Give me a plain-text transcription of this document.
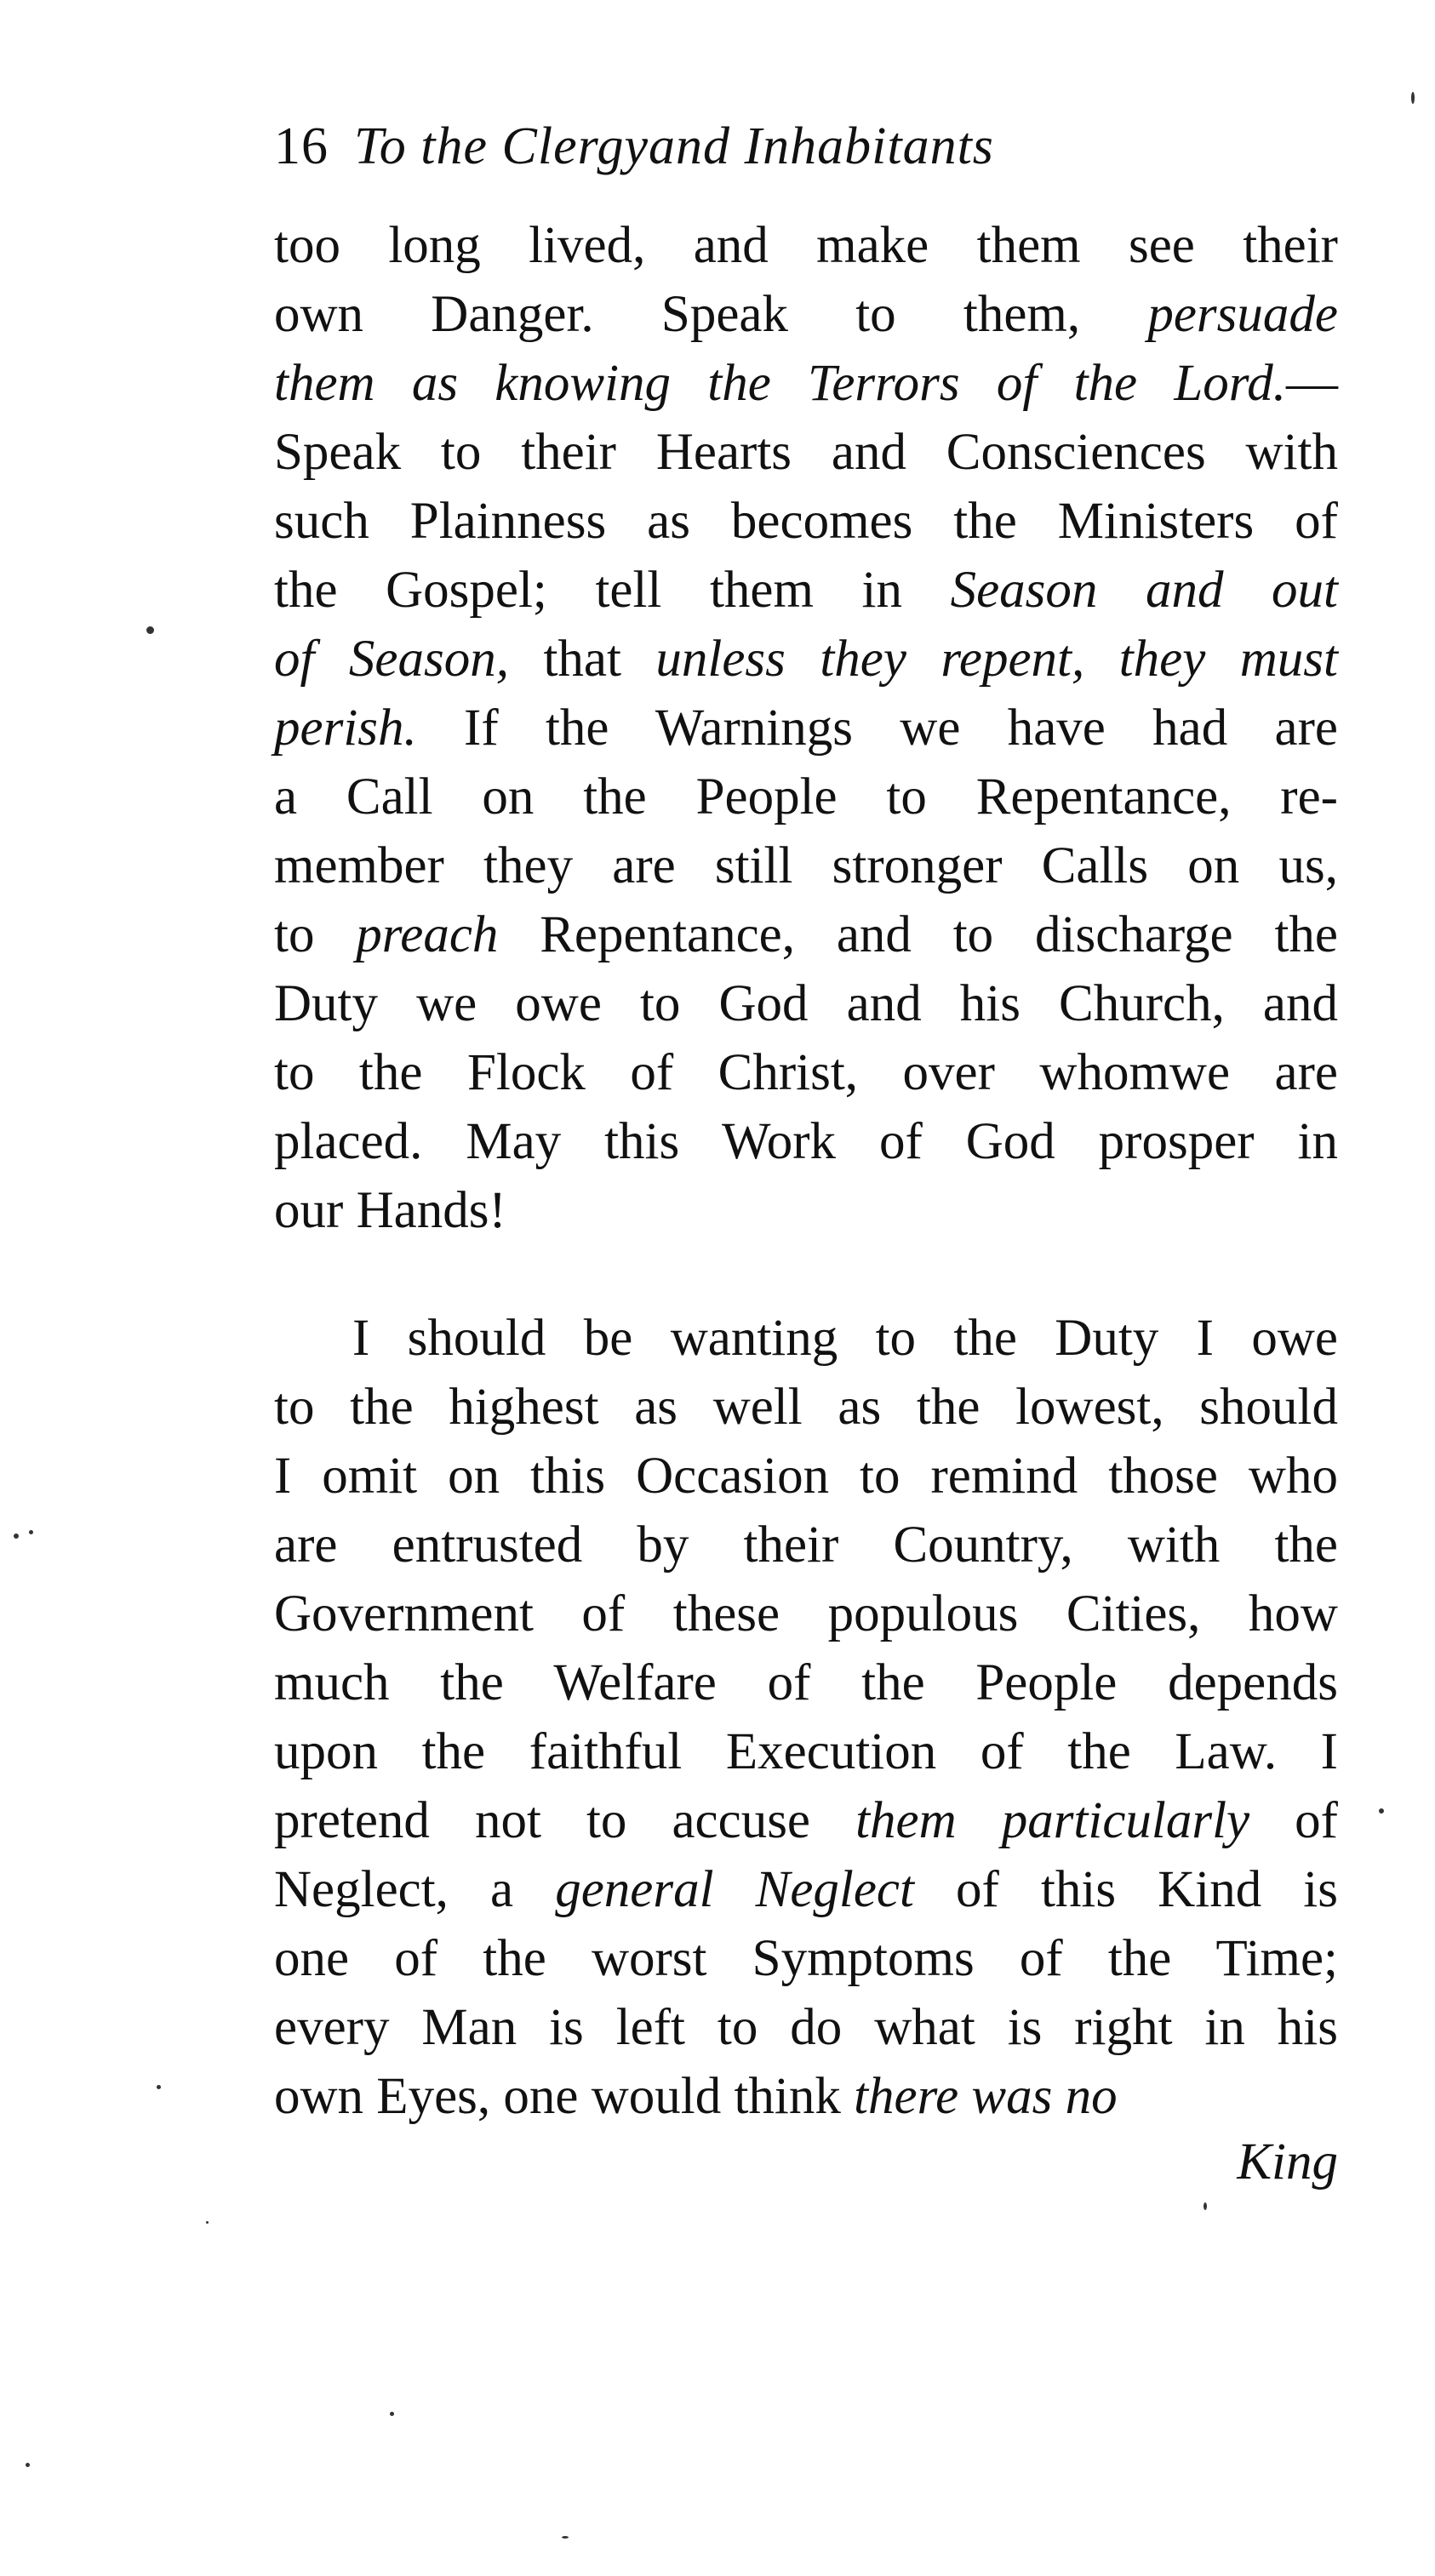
16 To the Clergyand Inhabitants
too long lived, and make them see their
own Danger. Speak to them, persuade
them as knowing the Terrors of the Lord.—
Speak to their Hearts and Consciences with
such Plainness as becomes the Ministers of
the Gospel; tell them in Season and out
of Season, that unless they repent, they must
perish. If the Warnings we have had are
a Call on the People to Repentance, re-
member they are still stronger Calls on us,
to preach Repentance, and to discharge the
Duty we owe to God and his Church, and
to the Flock of Christ, over whomwe are
placed. May this Work of God prosper in
our Hands!
I should be wanting to the Duty I owe
to the highest as well as the lowest, should
I omit on this Occasion to remind those who
are entrusted by their Country, with the
Government of these populous Cities, how
much the Welfare of the People depends
upon the faithful Execution of the Law. I
pretend not to accuse them particularly of
Neglect, a general Neglect of this Kind is
one of the worst Symptoms of the Time;
every Man is left to do what is right in his
own Eyes, one would think there was no
King
